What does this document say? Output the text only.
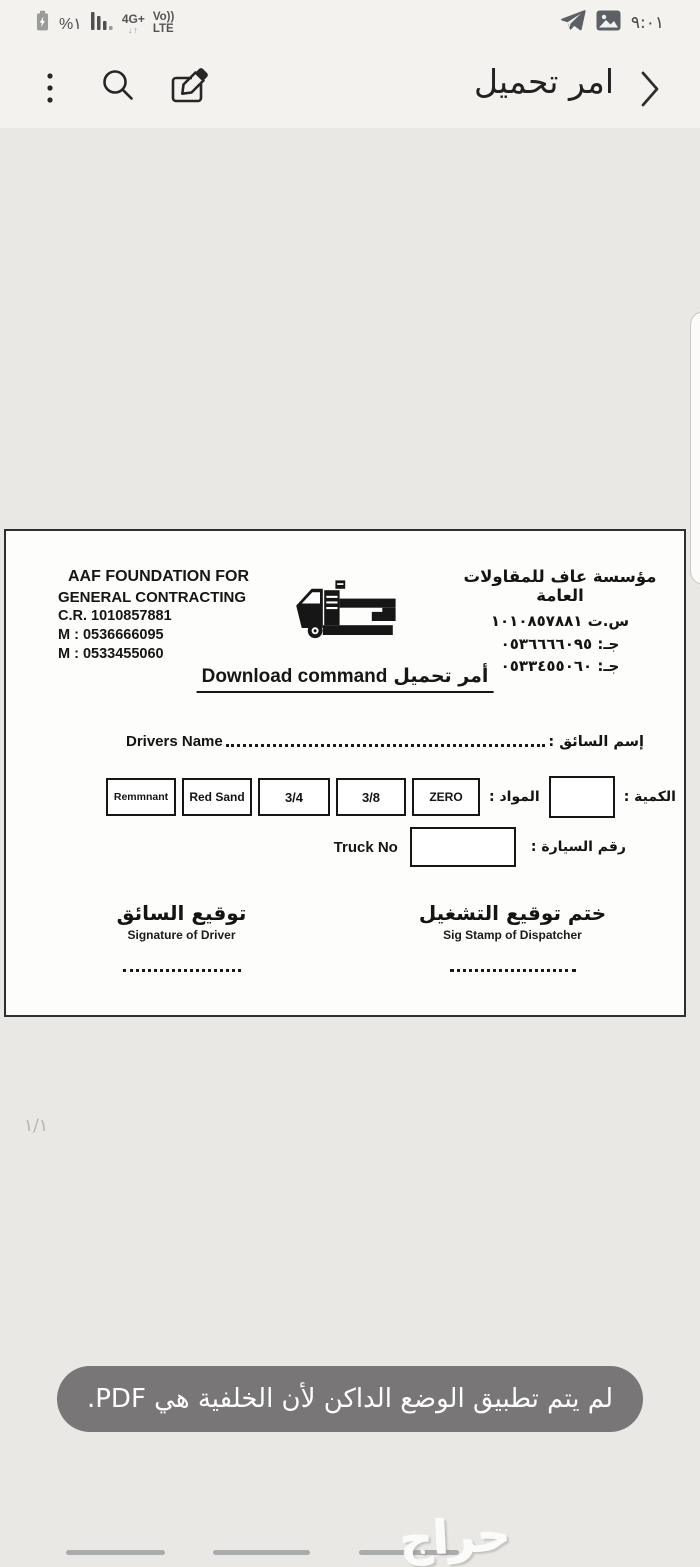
%١	4G+
↓↑
Vo))
LTE	٩:٠١
امر تحميل
AAF FOUNDATION FOR
GENERAL CONTRACTING
C.R. 1010857881
M : 0536666095
M : 0533455060
مؤسسة عاف للمقاولات العامة
س.ت ١٠١٠٨٥٧٨٨١
جـ: ٠٥٣٦٦٦٦٠٩٥
جـ: ٠٥٣٣٤٥٥٠٦٠
أمر تحميلDownload command
Drivers Name	إسم السائق :
Remmnant	Red Sand	3/4	3/8	ZERO	المواد :	الكمية :
Truck No	رقم السيارة :
توقيع السائق
Signature of Driver
ختم توقيع التشغيل
Sig Stamp of Dispatcher
١/١
لم يتم تطبيق الوضع الداكن لأن الخلفية هي PDF.
حراج
